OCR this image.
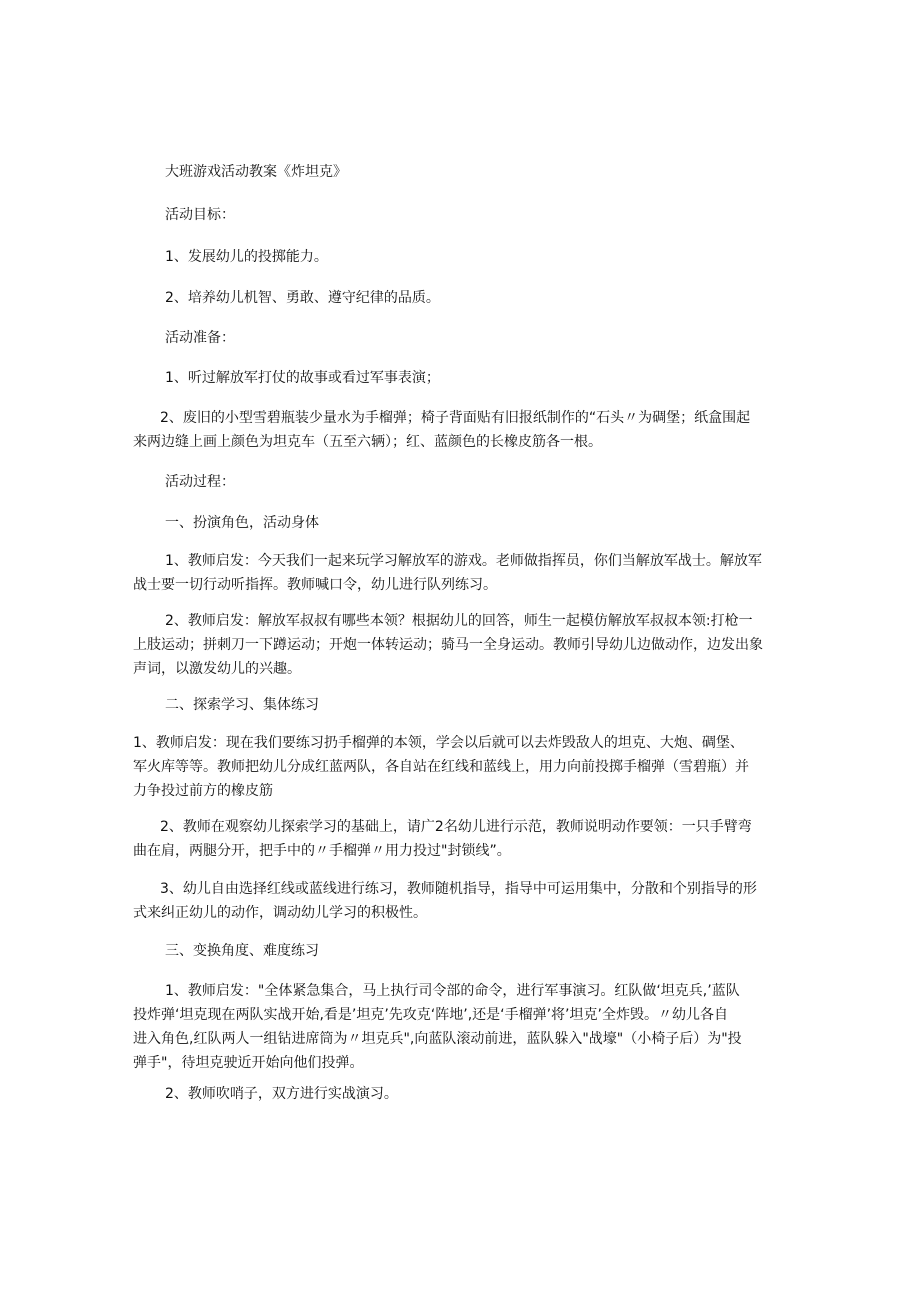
大班游戏活动教案《炸坦克》

活动目标：

1、发展幼儿的投掷能力。

2、培养幼儿机智、勇敢、遵守纪律的品质。

活动准备：

1、听过解放军打仗的故事或看过军事表演；

2、废旧的小型雪碧瓶装少量水为手榴弹；椅子背面贴有旧报纸制作的“石头〃为碉堡；纸盒围起
来两边缝上画上颜色为坦克车（五至六辆）；红、蓝颜色的长橡皮筋各一根。

活动过程：

一、扮演角色，活动身体

1、教师启发：今天我们一起来玩学习解放军的游戏。老师做指挥员，你们当解放军战士。解放军
战士要一切行动听指挥。教师喊口令，幼儿进行队列练习。

2、教师启发：解放军叔叔有哪些本领？根据幼儿的回答，师生一起模仿解放军叔叔本领:打枪一
上肢运动；拼刺刀一下蹲运动；开炮一体转运动；骑马一全身运动。教师引导幼儿边做动作，边发出象
声词，以激发幼儿的兴趣。

二、探索学习、集体练习

1、教师启发：现在我们要练习扔手榴弹的本领，学会以后就可以去炸毁敌人的坦克、大炮、碉堡、
军火库等等。教师把幼儿分成红蓝两队，各自站在红线和蓝线上，用力向前投掷手榴弹（雪碧瓶）并
力争投过前方的橡皮筋

2、教师在观察幼儿探索学习的基础上，请广2名幼儿进行示范，教师说明动作要领：一只手臂弯
曲在肩，两腿分开，把手中的〃手榴弹〃用力投过"封锁线”。

3、幼儿自由选择红线或蓝线进行练习，教师随机指导，指导中可运用集中，分散和个别指导的形
式来纠正幼儿的动作，调动幼儿学习的积极性。

三、变换角度、难度练习

1、教师启发："全体紧急集合，马上执行司令部的命令，进行军事演习。红队做‘坦克兵,’蓝队
投炸弹‘坦克现在两队实战开始,看是’坦克’先攻克‘阵地’,还是‘手榴弹’将’坦克’全炸毁。〃幼儿各自
进入角色,红队两人一组钻进席筒为〃坦克兵",向蓝队滚动前进，蓝队躲入"战壕"（小椅子后）为"投
弹手"，待坦克驶近开始向他们投弹。

2、教师吹哨子，双方进行实战演习。
